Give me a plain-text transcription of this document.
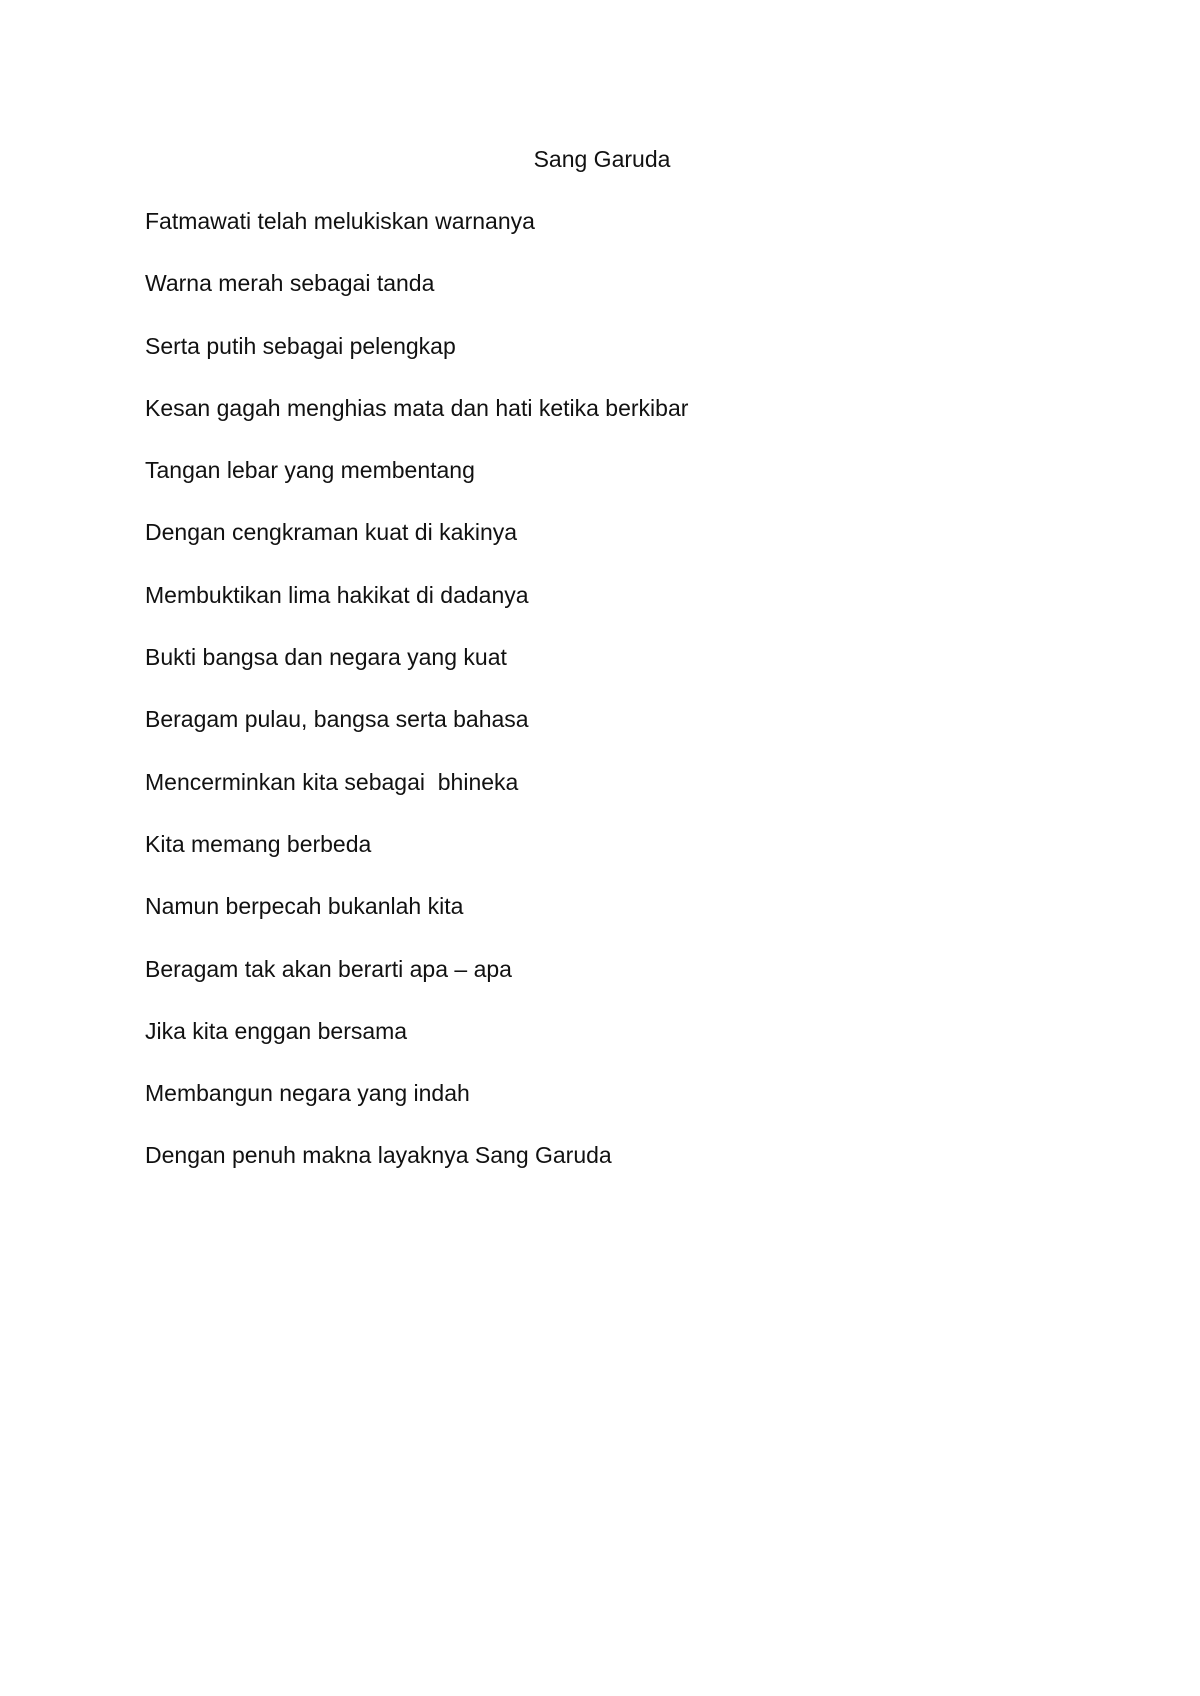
Sang Garuda
Fatmawati telah melukiskan warnanya
Warna merah sebagai tanda
Serta putih sebagai pelengkap
Kesan gagah menghias mata dan hati ketika berkibar
Tangan lebar yang membentang
Dengan cengkraman kuat di kakinya
Membuktikan lima hakikat di dadanya
Bukti bangsa dan negara yang kuat
Beragam pulau, bangsa serta bahasa
Mencerminkan kita sebagai  bhineka
Kita memang berbeda
Namun berpecah bukanlah kita
Beragam tak akan berarti apa – apa
Jika kita enggan bersama
Membangun negara yang indah
Dengan penuh makna layaknya Sang Garuda
